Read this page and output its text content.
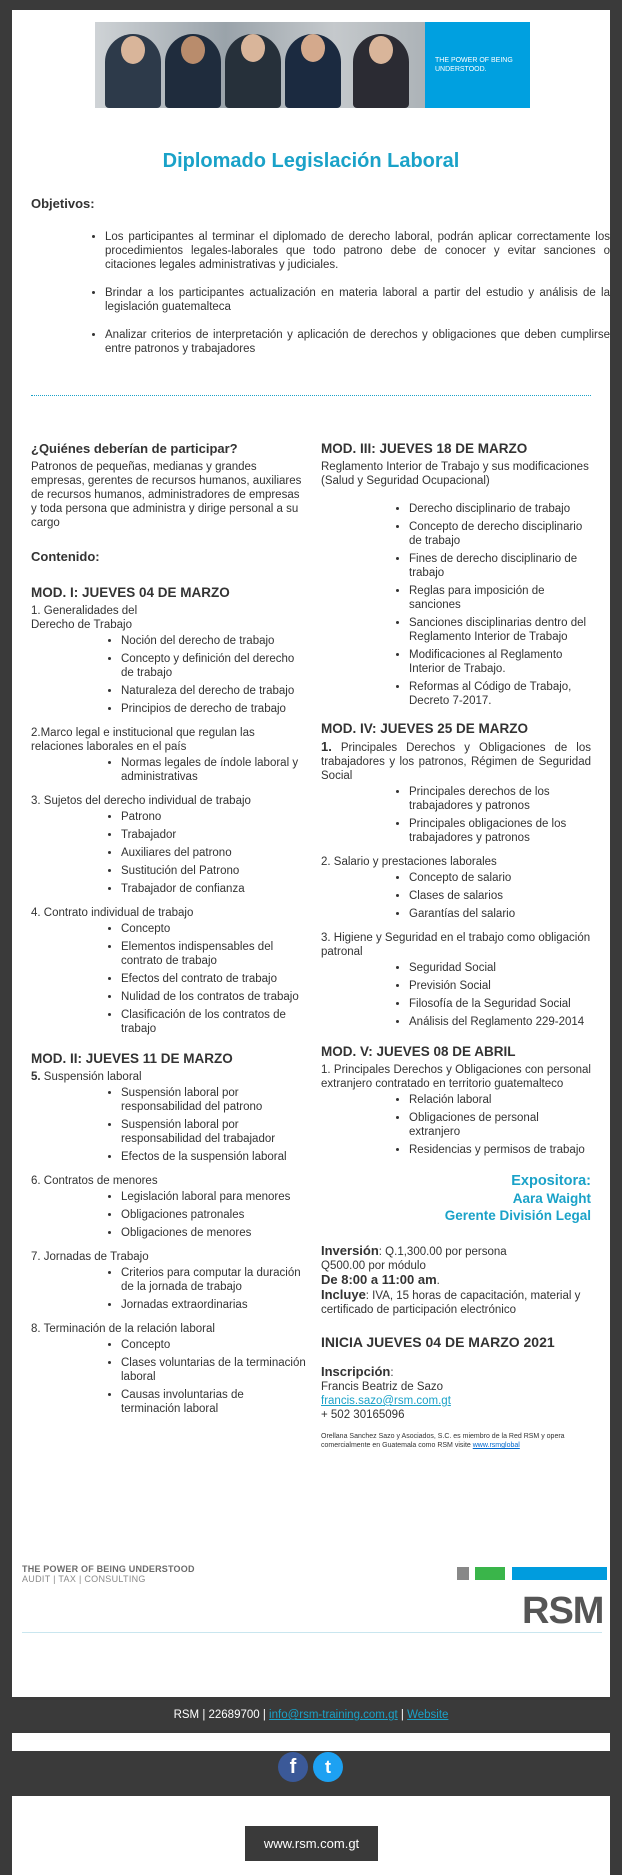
THE POWER OF BEING UNDERSTOOD.
Diplomado Legislación Laboral

Objetivos:

• Los participantes al terminar el diplomado de derecho laboral, podrán aplicar correctamente los procedimientos legales-laborales que todo patrono debe de conocer y evitar sanciones o citaciones legales administrativas y judiciales.
• Brindar a los participantes actualización en materia laboral a partir del estudio y análisis de la legislación guatemalteca
• Analizar criterios de interpretación y aplicación de derechos y obligaciones que deben cumplirse entre patronos y trabajadores
¿Quiénes deberían de participar?

Patronos de pequeñas, medianas y grandes empresas, gerentes de recursos humanos, auxiliares de recursos humanos, administradores de empresas y toda persona que administra y dirige personal a su cargo

Contenido:
MOD. I: JUEVES 04 DE MARZO

1. Generalidades del Derecho de Trabajo

• Noción del derecho de trabajo
• Concepto y definición del derecho de trabajo
• Naturaleza del derecho de trabajo
• Principios de derecho de trabajo

2.Marco legal e institucional que regulan las relaciones laborales en el país

• Normas legales de índole laboral y administrativas

3. Sujetos del derecho individual de trabajo

• Patrono
• Trabajador
• Auxiliares del patrono
• Sustitución del Patrono
• Trabajador de confianza

4. Contrato individual de trabajo

• Concepto
• Elementos indispensables del contrato de trabajo
• Efectos del contrato de trabajo
• Nulidad de los contratos de trabajo
• Clasificación de los contratos de trabajo
MOD. II: JUEVES 11 DE MARZO

5. Suspensión laboral

• Suspensión laboral por responsabilidad del patrono
• Suspensión laboral por responsabilidad del trabajador
• Efectos de la suspensión laboral

6. Contratos de menores

• Legislación laboral para menores
• Obligaciones patronales
• Obligaciones de menores

7. Jornadas de Trabajo

• Criterios para computar la duración de la jornada de trabajo
• Jornadas extraordinarias

8. Terminación de la relación laboral

• Concepto
• Clases voluntarias de la terminación laboral
• Causas involuntarias de terminación laboral
MOD. III: JUEVES 18 DE MARZO

Reglamento Interior de Trabajo y sus modificaciones (Salud y Seguridad Ocupacional)

• Derecho disciplinario de trabajo
• Concepto de derecho disciplinario de trabajo
• Fines de derecho disciplinario de trabajo
• Reglas para imposición de sanciones
• Sanciones disciplinarias dentro del Reglamento Interior de Trabajo
• Modificaciones al Reglamento Interior de Trabajo.
• Reformas al Código de Trabajo, Decreto 7-2017.
MOD. IV: JUEVES 25 DE MARZO

1. Principales Derechos y Obligaciones de los trabajadores y los patronos, Régimen de Seguridad Social

• Principales derechos de los trabajadores y patronos
• Principales obligaciones de los trabajadores y patronos

2. Salario y prestaciones laborales

• Concepto de salario
• Clases de salarios
• Garantías del salario

3. Higiene y Seguridad en el trabajo como obligación patronal

• Seguridad Social
• Previsión Social
• Filosofía de la Seguridad Social
• Análisis del Reglamento 229-2014
MOD. V: JUEVES 08 DE ABRIL

1. Principales Derechos y Obligaciones con personal extranjero contratado en territorio guatemalteco

• Relación laboral
• Obligaciones de personal extranjero
• Residencias y permisos de trabajo
Expositora:
Aara Waight
Gerente División Legal

Inversión: Q.1,300.00 por persona

Q500.00 por módulo

De 8:00 a 11:00 am.

Incluye: IVA, 15 horas de capacitación, material y certificado de participación electrónico

INICIA JUEVES 04 DE MARZO 2021

Inscripción:

Francis Beatriz de Sazo

francis.sazo@rsm.com.gt

+ 502 30165096

Orellana Sanchez Sazo y Asociados, S.C. es miembro de la Red RSM y opera comercialmente en Guatemala como RSM visite www.rsmglobal

THE POWER OF BEING UNDERSTOOD
AUDIT | TAX | CONSULTING
RSM
RSM | 22689700 | info@rsm-training.com.gt | Website
f	t
www.rsm.com.gt
